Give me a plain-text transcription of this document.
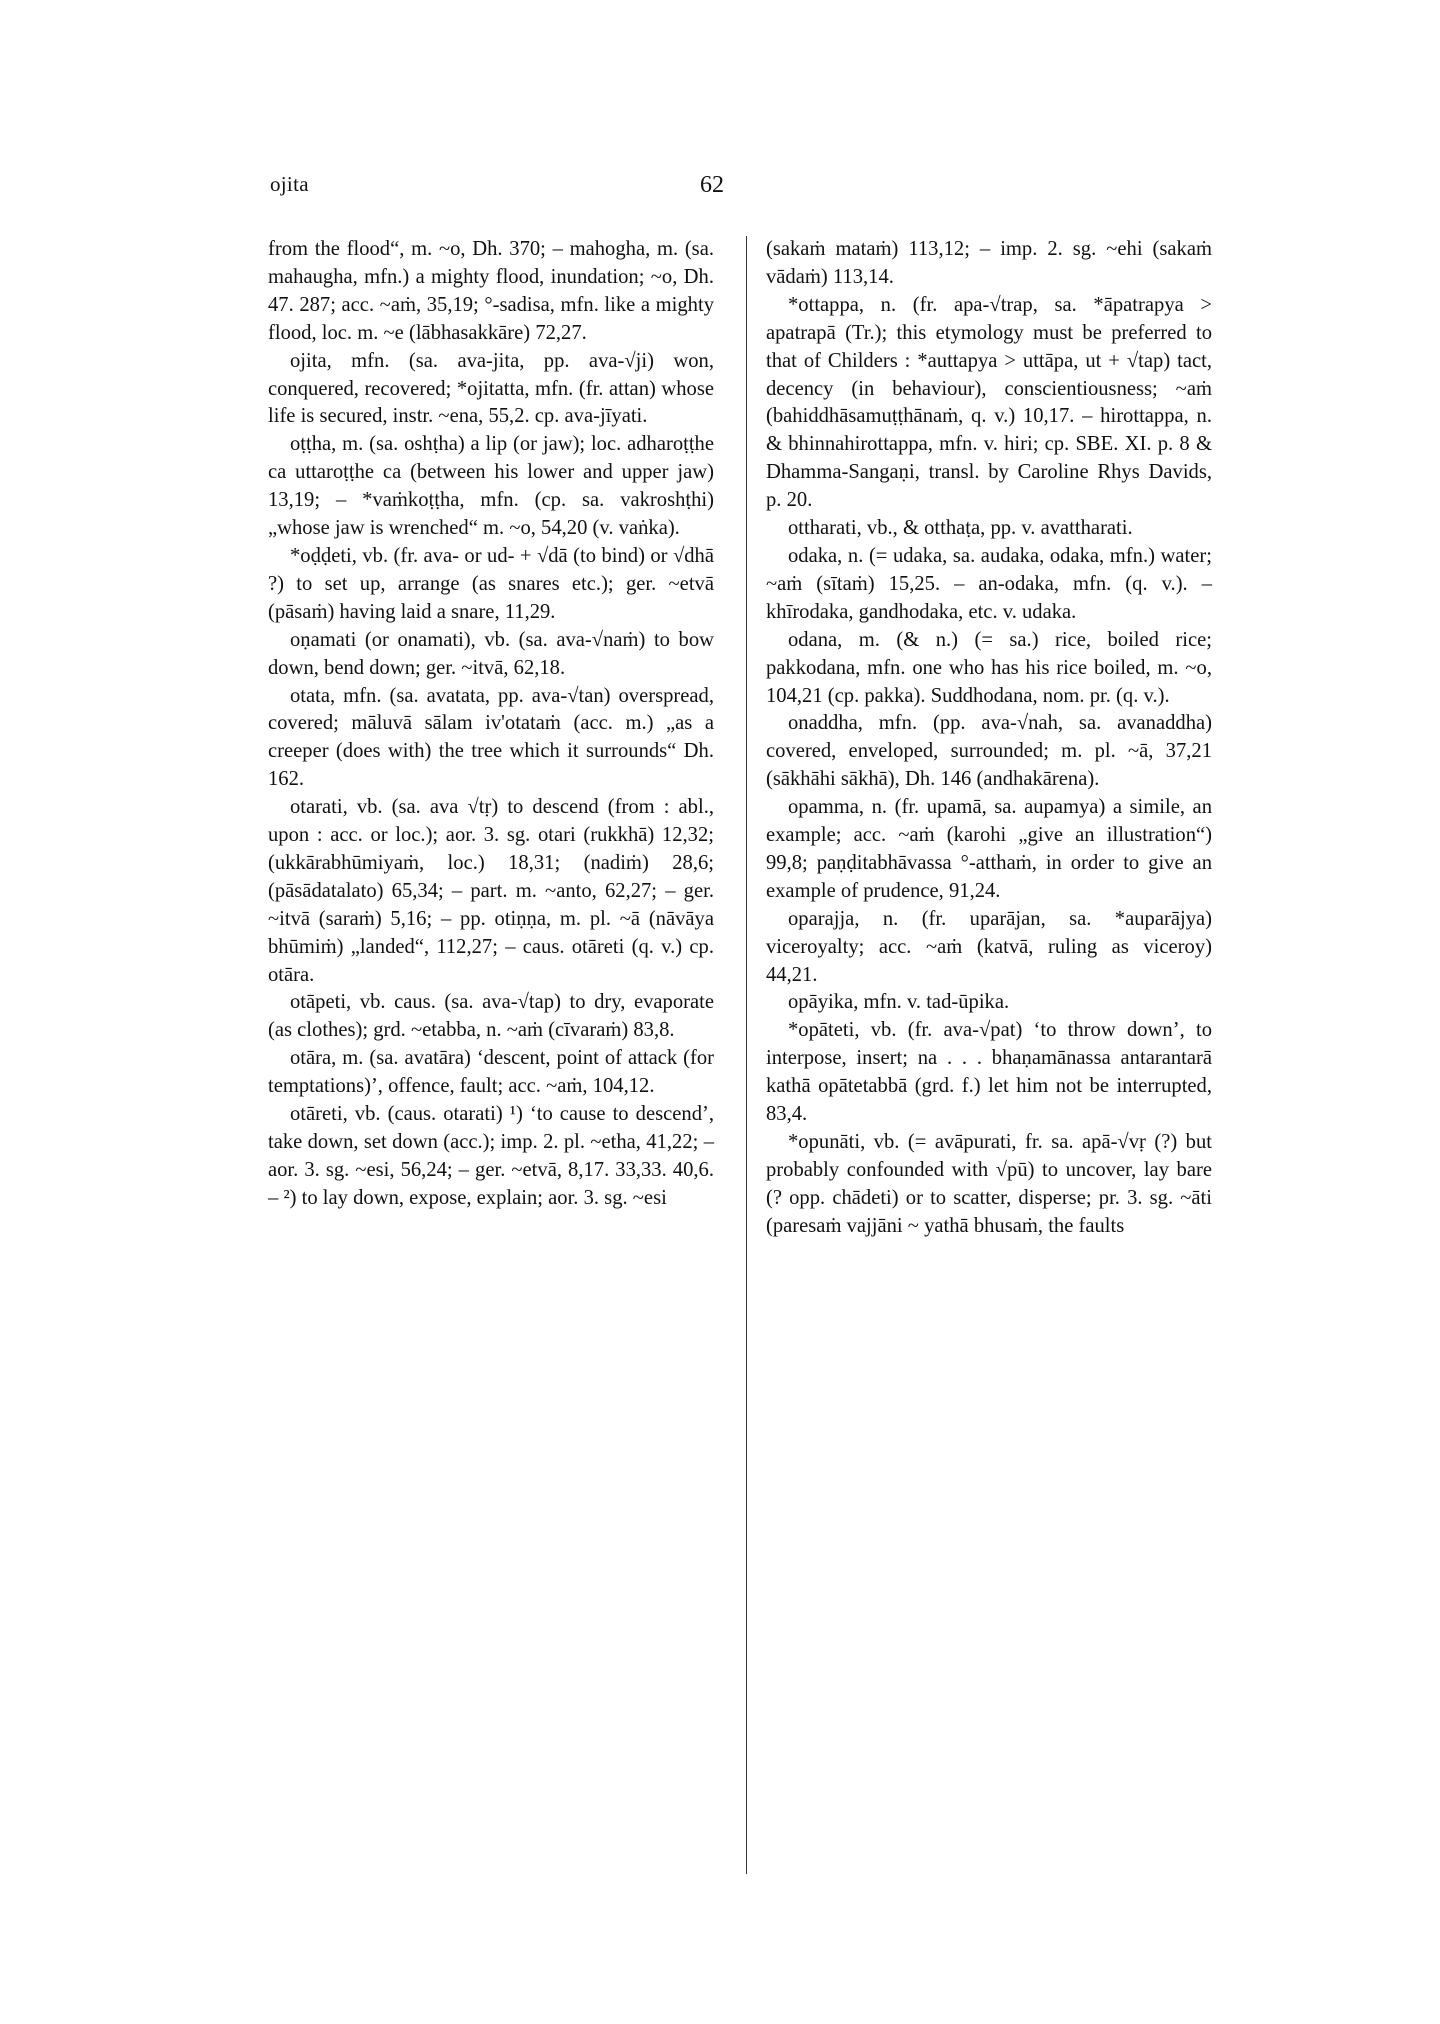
ojita	62

from the flood“, m. ~o, Dh. 370; – mahogha, m. (sa. mahaugha, mfn.) a mighty flood, inundation; ~o, Dh. 47. 287; acc. ~aṁ, 35,19; °-sadisa, mfn. like a mighty flood, loc. m. ~e (lābhasakkāre) 72,27.

ojita, mfn. (sa. ava-jita, pp. ava-√ji) won, conquered, recovered; *ojitatta, mfn. (fr. attan) whose life is secured, instr. ~ena, 55,2. cp. ava-jīyati.

oṭṭha, m. (sa. oshṭha) a lip (or jaw); loc. adharoṭṭhe ca uttaroṭṭhe ca (between his lower and upper jaw) 13,19; – *vaṁkoṭṭha, mfn. (cp. sa. vakroshṭhi) „whose jaw is wrenched“ m. ~o, 54,20 (v. vaṅka).

*oḍḍeti, vb. (fr. ava- or ud- + √dā (to bind) or √dhā ?) to set up, arrange (as snares etc.); ger. ~etvā (pāsaṁ) having laid a snare, 11,29.

oṇamati (or onamati), vb. (sa. ava-√naṁ) to bow down, bend down; ger. ~itvā, 62,18.

otata, mfn. (sa. avatata, pp. ava-√tan) overspread, covered; māluvā sālam iv'otataṁ (acc. m.) „as a creeper (does with) the tree which it surrounds“ Dh. 162.

otarati, vb. (sa. ava √tṛ) to descend (from : abl., upon : acc. or loc.); aor. 3. sg. otari (rukkhā) 12,32; (ukkārabhūmiyaṁ, loc.) 18,31; (nadiṁ) 28,6; (pāsādatalato) 65,34; – part. m. ~anto, 62,27; – ger. ~itvā (saraṁ) 5,16; – pp. otiṇṇa, m. pl. ~ā (nāvāya bhūmiṁ) „landed“, 112,27; – caus. otāreti (q. v.) cp. otāra.

otāpeti, vb. caus. (sa. ava-√tap) to dry, evaporate (as clothes); grd. ~etabba, n. ~aṁ (cīvaraṁ) 83,8.

otāra, m. (sa. avatāra) ‘descent, point of attack (for temptations)’, offence, fault; acc. ~aṁ, 104,12.

otāreti, vb. (caus. otarati) ¹) ‘to cause to descend’, take down, set down (acc.); imp. 2. pl. ~etha, 41,22; – aor. 3. sg. ~esi, 56,24; – ger. ~etvā, 8,17. 33,33. 40,6. – ²) to lay down, expose, explain; aor. 3. sg. ~esi

(sakaṁ mataṁ) 113,12; – imp. 2. sg. ~ehi (sakaṁ vādaṁ) 113,14.

*ottappa, n. (fr. apa-√trap, sa. *āpatrapya > apatrapā (Tr.); this etymology must be preferred to that of Childers : *auttapya > uttāpa, ut + √tap) tact, decency (in behaviour), conscientiousness; ~aṁ (bahiddhāsamuṭṭhānaṁ, q. v.) 10,17. – hirottappa, n. & bhinnahirottappa, mfn. v. hiri; cp. SBE. XI. p. 8 & Dhamma-Sangaṇi, transl. by Caroline Rhys Davids, p. 20.

ottharati, vb., & otthaṭa, pp. v. avattharati.

odaka, n. (= udaka, sa. audaka, odaka, mfn.) water; ~aṁ (sītaṁ) 15,25. – an-odaka, mfn. (q. v.). – khīrodaka, gandhodaka, etc. v. udaka.

odana, m. (& n.) (= sa.) rice, boiled rice; pakkodana, mfn. one who has his rice boiled, m. ~o, 104,21 (cp. pakka). Suddhodana, nom. pr. (q. v.).

onaddha, mfn. (pp. ava-√nah, sa. avanaddha) covered, enveloped, surrounded; m. pl. ~ā, 37,21 (sākhāhi sākhā), Dh. 146 (andhakārena).

opamma, n. (fr. upamā, sa. aupamya) a simile, an example; acc. ~aṁ (karohi „give an illustration“) 99,8; paṇḍitabhāvassa °-atthaṁ, in order to give an example of prudence, 91,24.

oparajja, n. (fr. uparājan, sa. *auparājya) viceroyalty; acc. ~aṁ (katvā, ruling as viceroy) 44,21.

opāyika, mfn. v. tad-ūpika.

*opāteti, vb. (fr. ava-√pat) ‘to throw down’, to interpose, insert; na . . . bhaṇamānassa antarantarā kathā opātetabbā (grd. f.) let him not be interrupted, 83,4.

*opunāti, vb. (= avāpurati, fr. sa. apā-√vṛ (?) but probably confounded with √pū) to uncover, lay bare (? opp. chādeti) or to scatter, disperse; pr. 3. sg. ~āti (paresaṁ vajjāni ~ yathā bhusaṁ, the faults
